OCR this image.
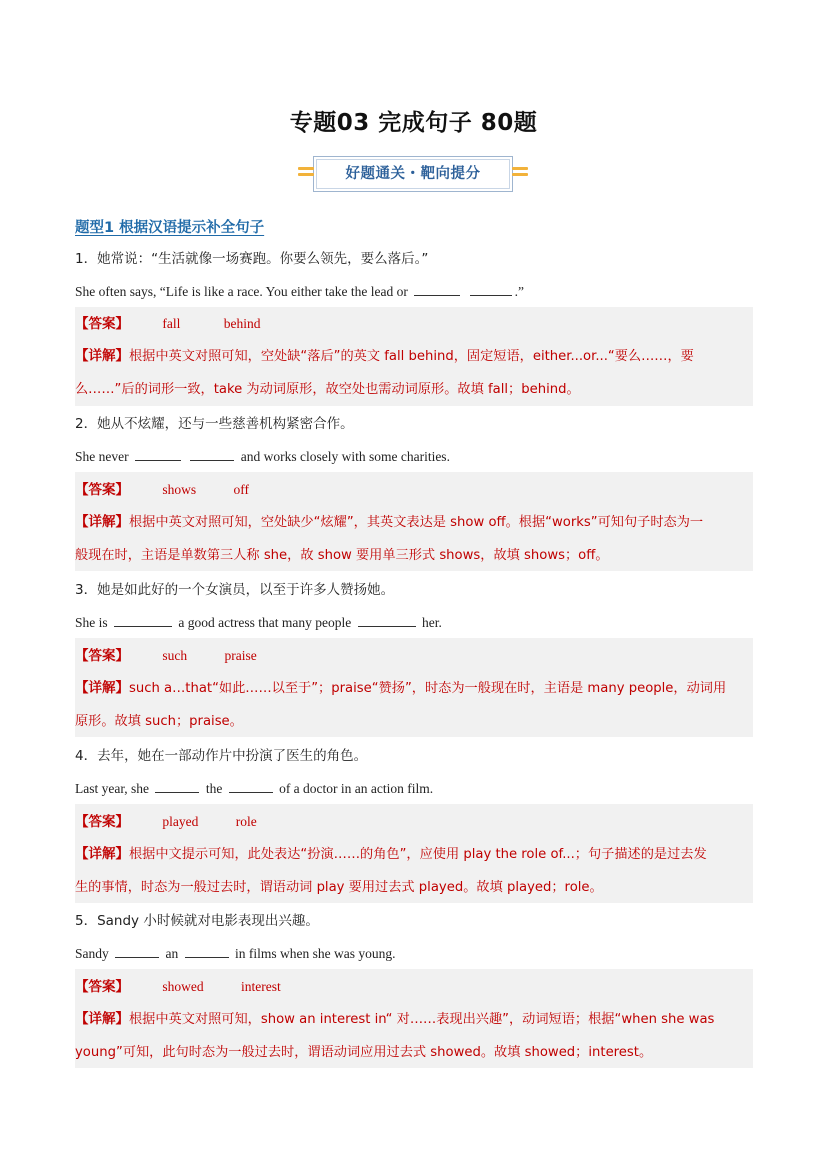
专题03 完成句子 80题
好题通关・靶向提分
题型1 根据汉语提示补全句子
1．她常说：“生活就像一场赛跑。你要么领先，要么落后。”
She often says, “Life is like a race. You either take the lead or	.”
【答案】 fall	behind
【详解】根据中英文对照可知，空处缺“落后”的英文 fall behind，固定短语，either...or...“要么……，要
么……”后的词形一致，take 为动词原形，故空处也需动词原形。故填 fall；behind。
2．她从不炫耀，还与一些慈善机构紧密合作。
She never	and works closely with some charities.
【答案】 shows	off
【详解】根据中英文对照可知，空处缺少“炫耀”，其英文表达是 show off。根据“works”可知句子时态为一
般现在时，主语是单数第三人称 she，故 show 要用单三形式 shows，故填 shows；off。
3．她是如此好的一个女演员，以至于许多人赞扬她。
She is	a good actress that many people	her.
【答案】 such	praise
【详解】such a…that“如此……以至于”；praise“赞扬”，时态为一般现在时，主语是 many people，动词用
原形。故填 such；praise。
4．去年，她在一部动作片中扮演了医生的角色。
Last year, she	the	of a doctor in an action film.
【答案】 played	role
【详解】根据中文提示可知，此处表达“扮演……的角色”，应使用 play the role of...；句子描述的是过去发
生的事情，时态为一般过去时，谓语动词 play 要用过去式 played。故填 played；role。
5．Sandy 小时候就对电影表现出兴趣。
Sandy	an	in films when she was young.
【答案】 showed	interest
【详解】根据中英文对照可知，show an interest in“ 对……表现出兴趣”，动词短语；根据“when she was
young”可知，此句时态为一般过去时，谓语动词应用过去式 showed。故填 showed；interest。
